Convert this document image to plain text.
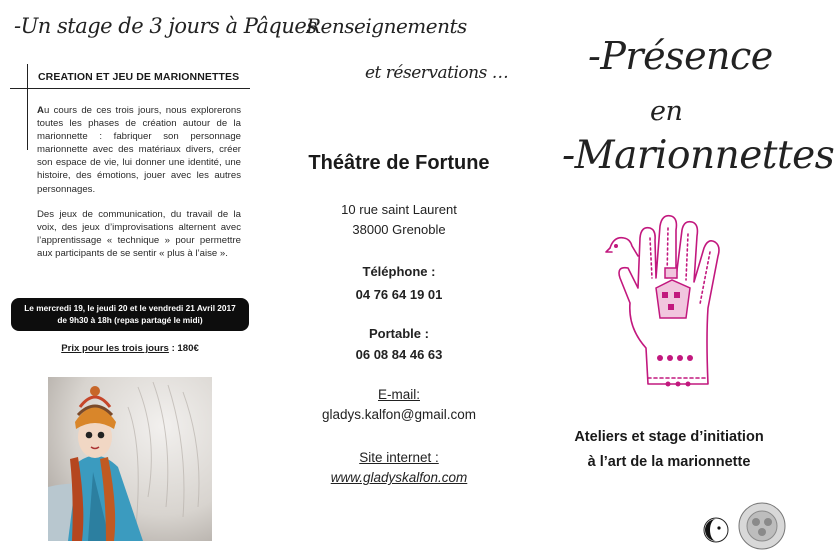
-Un stage de 3 jours à Pâques
CREATION ET JEU DE MARIONNETTES

Au cours de ces trois jours, nous explorerons toutes les phases de création autour de la marionnette : fabriquer son personnage marionnette avec des matériaux divers, créer son espace de vie, lui donner une identité, une histoire, des émotions, jouer avec les autres personnages.

Des jeux de communication, du travail de la voix, des jeux d’improvisations alternent avec l’apprentissage « technique » pour permettre aux participants de se sentir « plus à l’aise ».

Le mercredi 19, le jeudi 20 et le vendredi 21 Avril 2017
de 9h30 à 18h (repas partagé le midi)
Prix pour les trois jours : 180€
Renseignements
et réservations …
Théâtre de Fortune
10 rue saint Laurent
38000 Grenoble
Téléphone :
04 76 64 19 01
Portable :
06 08 84 46 63
E-mail:
gladys.kalfon@gmail.com
Site internet :
www.gladyskalfon.com
-Présence
en
-Marionnettes
Ateliers et stage d’initiation
à l’art de la marionnette
